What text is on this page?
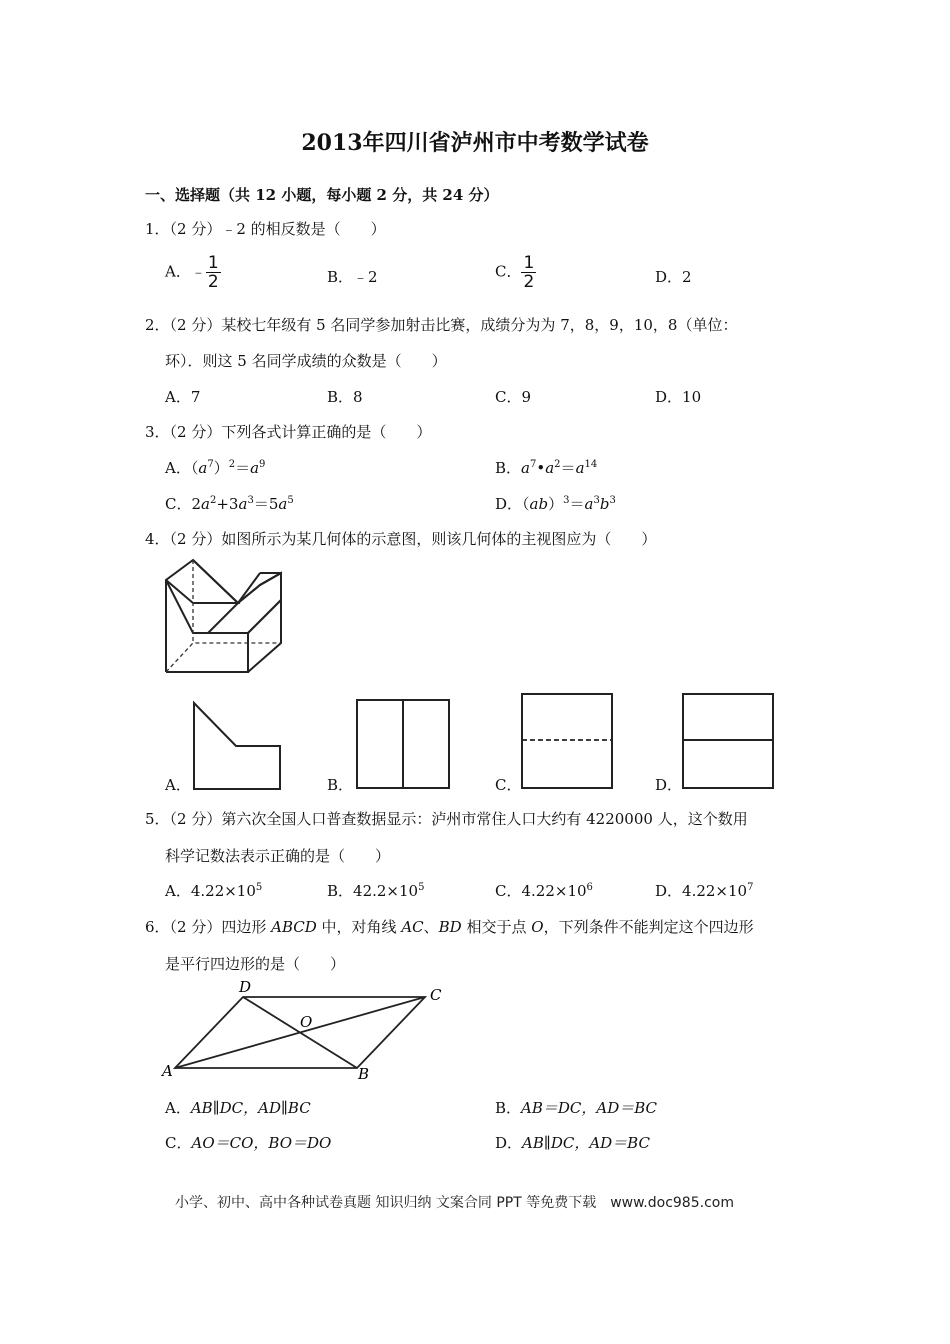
2013年四川省泸州市中考数学试卷
一、选择题（共 12 小题，每小题 2 分，共 24 分）
1．（2 分）﹣2 的相反数是（　　）
A．﹣ $\frac{1}{2}$	B．﹣2	C． $\frac{1}{2}$	D．2
2．（2 分）某校七年级有 5 名同学参加射击比赛，成绩分为为 7，8，9，10，8（单位：
环）．则这 5 名同学成绩的众数是（　　）
A．7	B．8	C．9	D．10
3．（2 分）下列各式计算正确的是（　　）
A．$(a^7)^2=a^9$	B．$a^7•a^2=a^{14}$
C．$2a^2+3a^3=5a^5$	D．$(ab)^3=a^3b^3$
4．（2 分）如图所示为某几何体的示意图，则该几何体的主视图应为（　　）
A．	B．	C．	D．
5．（2 分）第六次全国人口普查数据显示：泸州市常住人口大约有 4220000 人，这个数用
科学记数法表示正确的是（　　）
A．$4.22\times 10^5$	B．$42.2\times 10^5$	C．$4.22\times 10^6$	D．$4.22\times 10^7$
6．（2 分）四边形 ABCD 中，对角线 AC、BD 相交于点 O，下列条件不能判定这个四边形
是平行四边形的是（　　）
A	B
C
D
O
A．AB∥DC，AD∥BC	B．AB＝DC，AD＝BC
C．AO＝CO，BO＝DO	D．AB∥DC，AD＝BC
小学、初中、高中各种试卷真题 知识归纳 文案合同 PPT 等免费下载　www.doc985.com
